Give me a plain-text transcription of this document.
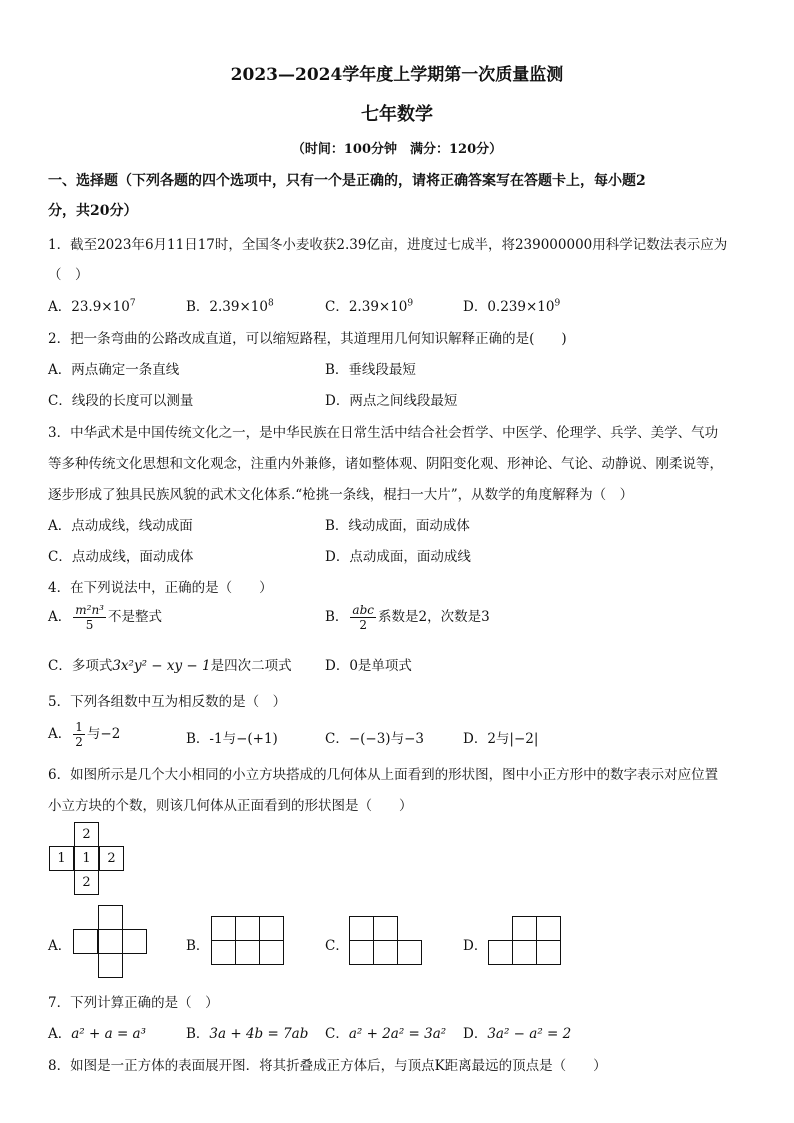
2023—2024学年度上学期第一次质量监测
七年数学
（时间：100分钟　满分：120分）
一、选择题（下列各题的四个选项中，只有一个是正确的，请将正确答案写在答题卡上，每小题2
分，共20分）
1．截至2023年6月11日17时，全国冬小麦收获2.39亿亩，进度过七成半，将239000000用科学记数法表示应为
（　）
A．$23.9\times 10^7$	B．$2.39\times 10^8$	C．$2.39\times 10^9$	D．$0.239\times 10^9$
2．把一条弯曲的公路改成直道，可以缩短路程，其道理用几何知识解释正确的是(　　)
A．两点确定一条直线	B．垂线段最短
C．线段的长度可以测量	D．两点之间线段最短
3．中华武术是中国传统文化之一，是中华民族在日常生活中结合社会哲学、中医学、伦理学、兵学、美学、气功
等多种传统文化思想和文化观念，注重内外兼修，诸如整体观、阴阳变化观、形神论、气论、动静说、刚柔说等，
逐步形成了独具民族风貌的武术文化体系.“枪挑一条线，棍扫一大片”，从数学的角度解释为（　）
A．点动成线，线动成面	B．线动成面，面动成体
C．点动成线，面动成体	D．点动成面，面动成线
4．在下列说法中，正确的是（　　）
A． $\frac{\text{m²n³}}{5}$ 不是整式	B． $\frac{\text{abc}}{2}$ 系数是2，次数是3
C．多项式3x²y² − xy − 1是四次二项式 D．0是单项式
5．下列各组数中互为相反数的是（　）
A． $\frac{1}{2}$ 与−2	B．-1与−(+1)	C．−(−3)与−3	D．2与|−2|
6．如图所示是几个大小相同的小立方块搭成的几何体从上面看到的形状图，图中小正方形中的数字表示对应位置
小立方块的个数，则该几何体从正面看到的形状图是（　　）
2
1	1	2
2
A．	B．	C．	D．
7．下列计算正确的是（　）
A．a² + a = a³	B．3a + 4b = 7ab C．a² + 2a² = 3a² D．3a² − a² = 2
8．如图是一正方体的表面展开图．将其折叠成正方体后，与顶点K距离最远的顶点是（　　）
